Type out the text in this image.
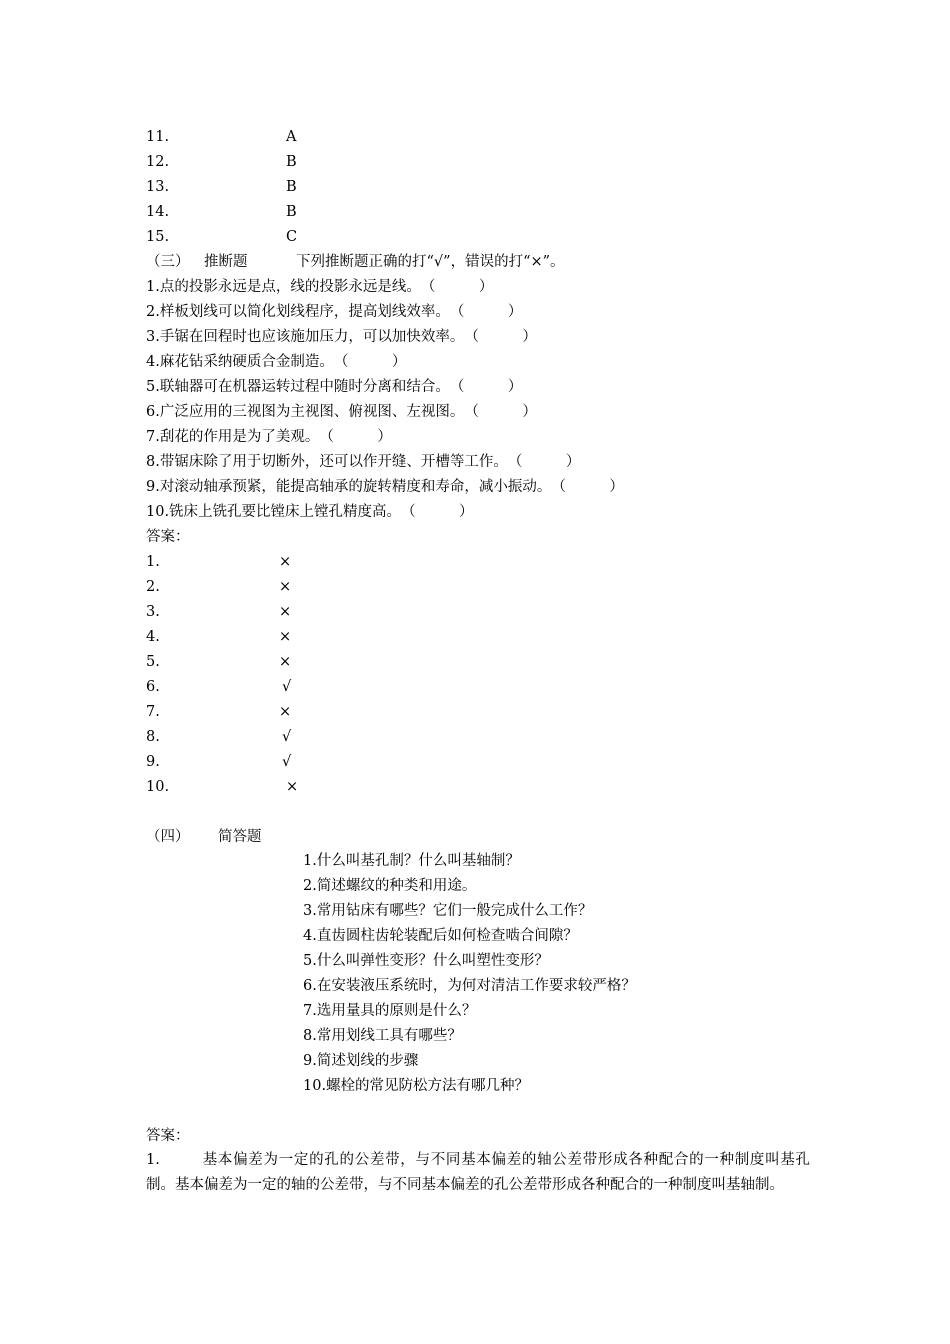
11.	A
12.	B
13.	B
14.	B
15.	C
（三） 推断题	下列推断题正确的打“√”，错误的打“×”。
1.点的投影永远是点，线的投影永远是线。（　　　）
2.样板划线可以简化划线程序，提高划线效率。（　　　）
3.手锯在回程时也应该施加压力，可以加快效率。（　　　）
4.麻花钻采纳硬质合金制造。（　　　）
5.联轴器可在机器运转过程中随时分离和结合。（　　　）
6.广泛应用的三视图为主视图、俯视图、左视图。（　　　）
7.刮花的作用是为了美观。（　　　）
8.带锯床除了用于切断外，还可以作开缝、开槽等工作。（　　　）
9.对滚动轴承预紧，能提高轴承的旋转精度和寿命，减小振动。（　　　）
10.铣床上铣孔要比镗床上镗孔精度高。（　　　）
答案：
1.	×
2.	×
3.	×
4.	×
5.	×
6.	√
7.	×
8.	√
9.	√
10.	×
（四） 简答题
1.什么叫基孔制？什么叫基轴制？
2.简述螺纹的种类和用途。
3.常用钻床有哪些？它们一般完成什么工作？
4.直齿圆柱齿轮装配后如何检查啮合间隙？
5.什么叫弹性变形？什么叫塑性变形？
6.在安装液压系统时，为何对清洁工作要求较严格？
7.选用量具的原则是什么？
8.常用划线工具有哪些？
9.简述划线的步骤
10.螺栓的常见防松方法有哪几种？
答案：
1.	基本偏差为一定的孔的公差带，与不同基本偏差的轴公差带形成各种配合的一种制度叫基孔制。基本偏差为一定的轴的公差带，与不同基本偏差的孔公差带形成各种配合的一种制度叫基轴制。
